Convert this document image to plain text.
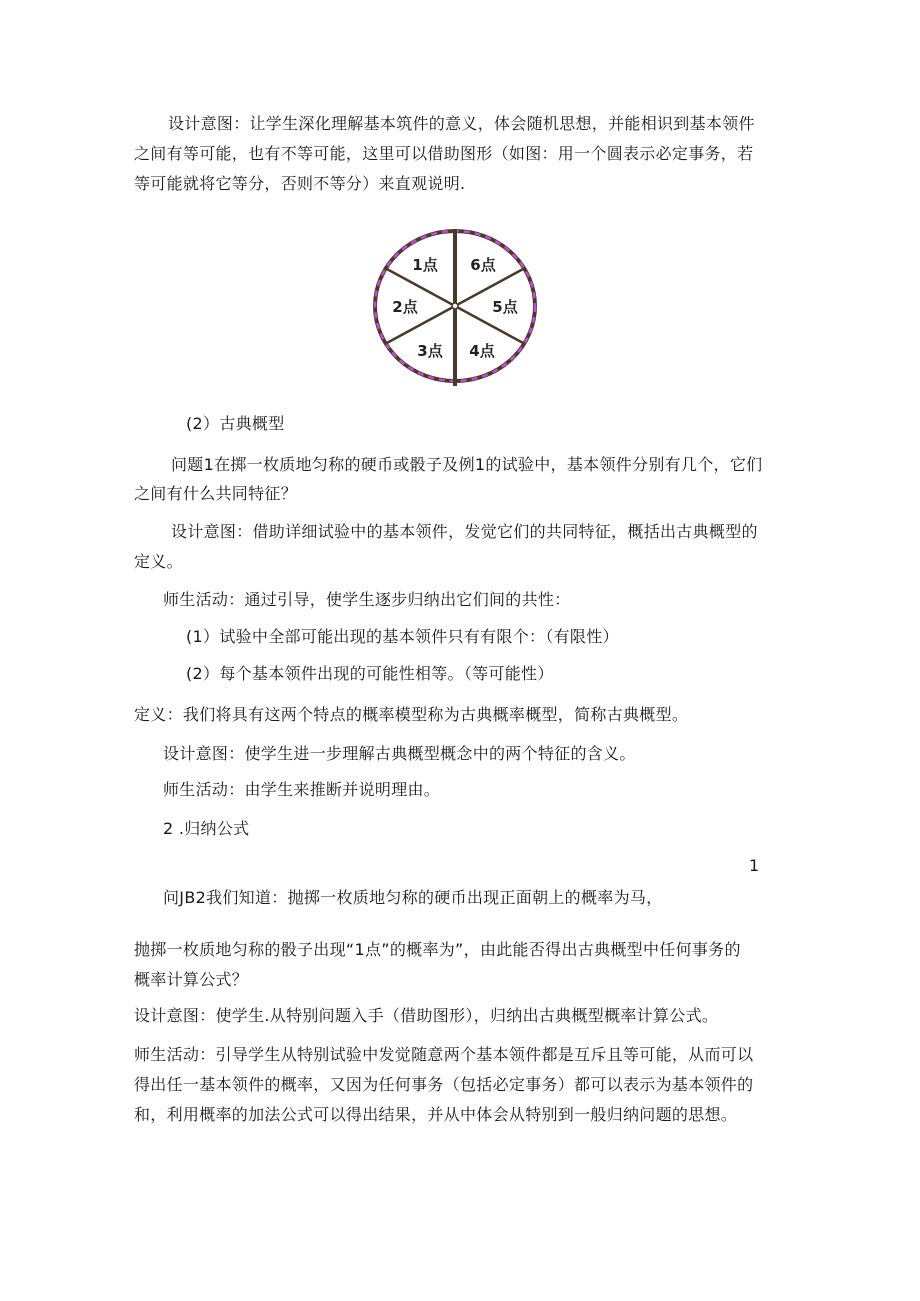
设计意图：让学生深化理解基本筑件的意义，体会随机思想，并能相识到基本领件
之间有等可能，也有不等可能，这里可以借助图形（如图：用一个圆表示必定事务，若
等可能就将它等分，否则不等分）来直观说明.
1点 6点
2点	5点
3点 4点
(2）古典概型
问题1在掷一枚质地匀称的硬币或骰子及例1的试验中，基本领件分别有几个，它们
之间有什么共同特征？
设计意图：借助详细试验中的基本领件，发觉它们的共同特征，概括出古典概型的
定义。
师生活动：通过引导，使学生逐步归纳出它们间的共性：
(1）试验中全部可能出现的基本领件只有有限个：（有限性）
(2）每个基本领件出现的可能性相等。（等可能性）
定义：我们将具有这两个特点的概率模型称为古典概率概型，简称古典概型。
设计意图：使学生进一步理解古典概型概念中的两个特征的含义。
师生活动：由学生来推断并说明理由。
2 .归纳公式
1
问JB2我们知道：抛掷一枚质地匀称的硬币出现正面朝上的概率为马，
抛掷一枚质地匀称的骰子出现“1点”的概率为”，由此能否得出古典概型中任何事务的
概率计算公式？
设计意图：使学生.从特别问题入手（借助图形），归纳出古典概型概率计算公式。
师生活动：引导学生从特别试验中发觉随意两个基本领件都是互斥且等可能，从而可以
得出任一基本领件的概率，又因为任何事务（包括必定事务）都可以表示为基本领件的
和，利用概率的加法公式可以得出结果，并从中体会从特别到一般归纳问题的思想。
